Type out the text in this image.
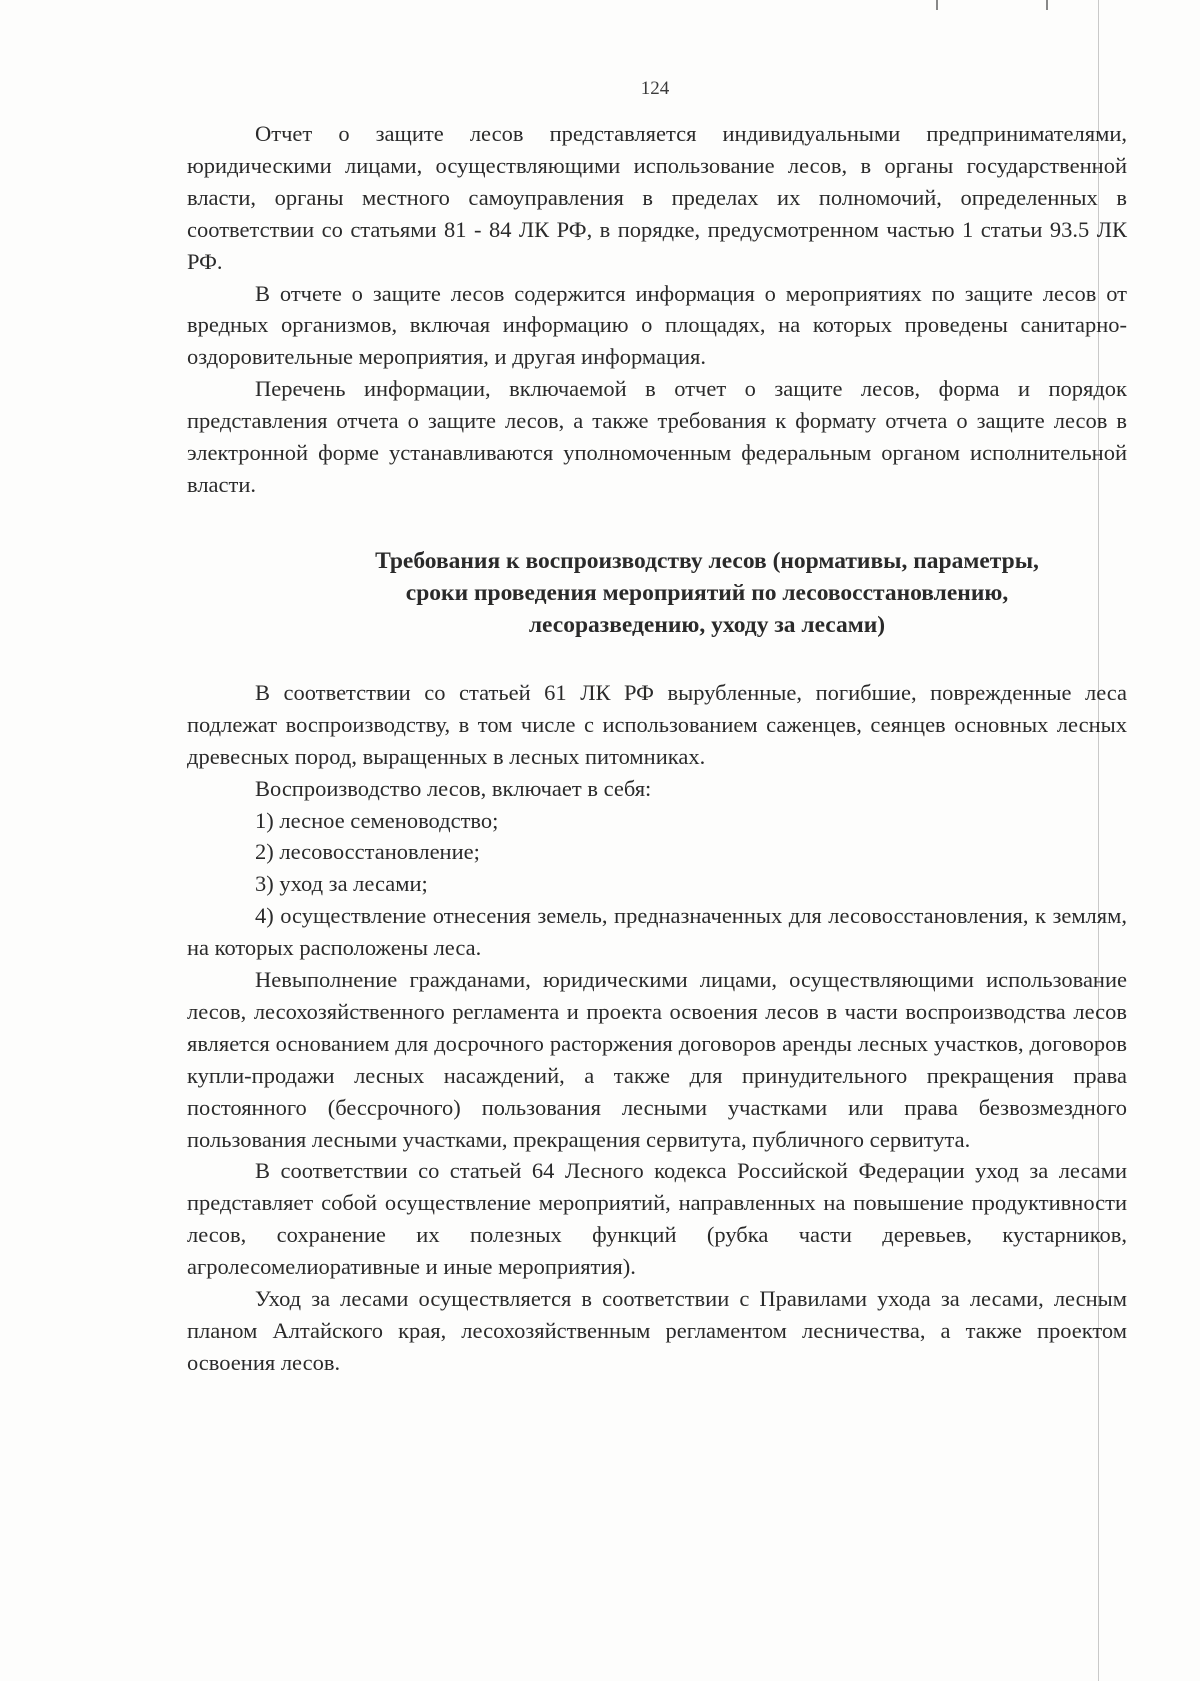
124

Отчет о защите лесов представляется индивидуальными предпринимателями, юридическими лицами, осуществляющими использование лесов, в органы государственной власти, органы местного самоуправления в пределах их полномочий, определенных в соответствии со статьями 81 - 84 ЛК РФ, в порядке, предусмотренном частью 1 статьи 93.5 ЛК РФ.

В отчете о защите лесов содержится информация о мероприятиях по защите лесов от вредных организмов, включая информацию о площадях, на которых проведены санитарно-оздоровительные мероприятия, и другая информация.

Перечень информации, включаемой в отчет о защите лесов, форма и порядок представления отчета о защите лесов, а также требования к формату отчета о защите лесов в электронной форме устанавливаются уполномоченным федеральным органом исполнительной власти.

Требования к воспроизводству лесов (нормативы, параметры,
сроки проведения мероприятий по лесовосстановлению,
лесоразведению, уходу за лесами)

В соответствии со статьей 61 ЛК РФ вырубленные, погибшие, поврежденные леса подлежат воспроизводству, в том числе с использованием саженцев, сеянцев основных лесных древесных пород, выращенных в лесных питомниках.

Воспроизводство лесов, включает в себя:

1) лесное семеноводство;

2) лесовосстановление;

3) уход за лесами;

4) осуществление отнесения земель, предназначенных для лесовосстановления, к землям, на которых расположены леса.

Невыполнение гражданами, юридическими лицами, осуществляющими использование лесов, лесохозяйственного регламента и проекта освоения лесов в части воспроизводства лесов является основанием для досрочного расторжения договоров аренды лесных участков, договоров купли-продажи лесных насаждений, а также для принудительного прекращения права постоянного (бессрочного) пользования лесными участками или права безвозмездного пользования лесными участками, прекращения сервитута, публичного сервитута.

В соответствии со статьей 64 Лесного кодекса Российской Федерации уход за лесами представляет собой осуществление мероприятий, направленных на повышение продуктивности лесов, сохранение их полезных функций (рубка части деревьев, кустарников, агролесомелиоративные и иные мероприятия).

Уход за лесами осуществляется в соответствии с Правилами ухода за лесами, лесным планом Алтайского края, лесохозяйственным регламентом лесничества, а также проектом освоения лесов.
